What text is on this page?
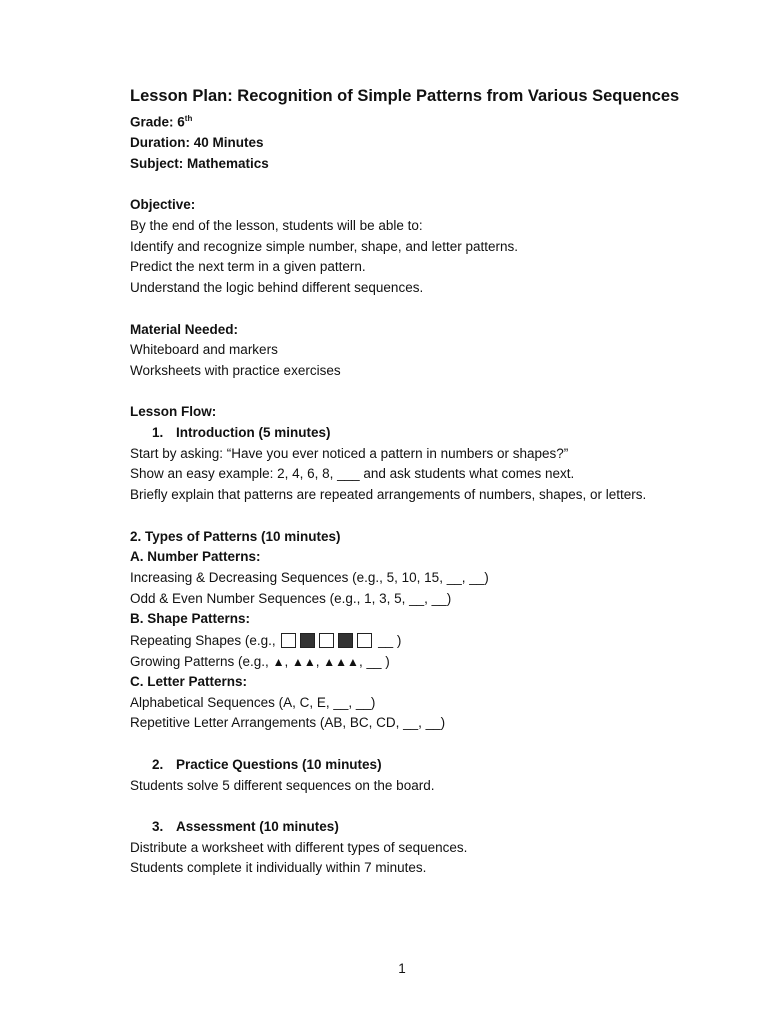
Lesson Plan: Recognition of Simple Patterns from Various Sequences
Grade: 6th
Duration: 40 Minutes
Subject: Mathematics
Objective:
By the end of the lesson, students will be able to:
Identify and recognize simple number, shape, and letter patterns.
Predict the next term in a given pattern.
Understand the logic behind different sequences.
Material Needed:
Whiteboard and markers
Worksheets with practice exercises
Lesson Flow:
1. Introduction (5 minutes)
Start by asking: “Have you ever noticed a pattern in numbers or shapes?”
Show an easy example: 2, 4, 6, 8, ___ and ask students what comes next.
Briefly explain that patterns are repeated arrangements of numbers, shapes, or letters.
2. Types of Patterns (10 minutes)
A. Number Patterns:
Increasing & Decreasing Sequences (e.g., 5, 10, 15, __, __)
Odd & Even Number Sequences (e.g., 1, 3, 5, __, __)
B. Shape Patterns:
Repeating Shapes (e.g.,	__ )
Growing Patterns (e.g., ▲, ▲▲, ▲▲▲, __ )
C. Letter Patterns:
Alphabetical Sequences (A, C, E, __, __)
Repetitive Letter Arrangements (AB, BC, CD, __, __)
2. Practice Questions (10 minutes)
Students solve 5 different sequences on the board.
3. Assessment (10 minutes)
Distribute a worksheet with different types of sequences.
Students complete it individually within 7 minutes.
1
